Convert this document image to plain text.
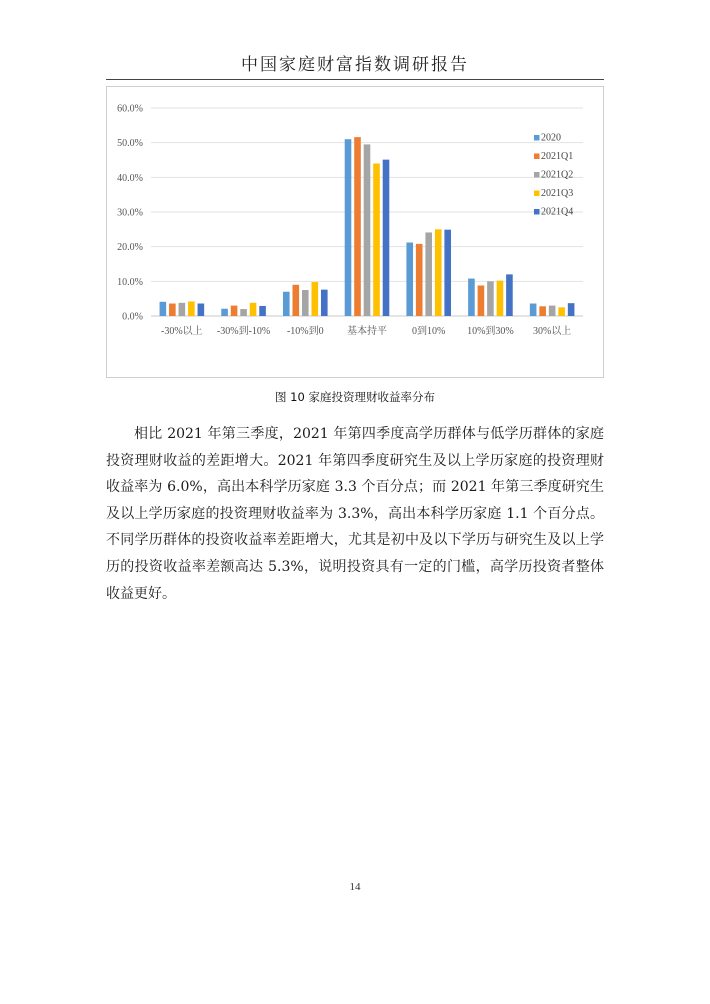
中国家庭财富指数调研报告
0.0%
10.0%
20.0%
30.0%
40.0%
50.0%
60.0%
-30%以上 -30%到-10% -10%到0 基本持平	0到10% 10%到30% 30%以上
2020
2021Q1
2021Q2
2021Q3
2021Q4
图 10 家庭投资理财收益率分布

相比 2021 年第三季度，2021 年第四季度高学历群体与低学历群体的家庭投资理财收益的差距增大。2021 年第四季度研究生及以上学历家庭的投资理财收益率为 6.0%，高出本科学历家庭 3.3 个百分点；而 2021 年第三季度研究生及以上学历家庭的投资理财收益率为 3.3%，高出本科学历家庭 1.1 个百分点。不同学历群体的投资收益率差距增大，尤其是初中及以下学历与研究生及以上学历的投资收益率差额高达 5.3%，说明投资具有一定的门槛，高学历投资者整体收益更好。

14
